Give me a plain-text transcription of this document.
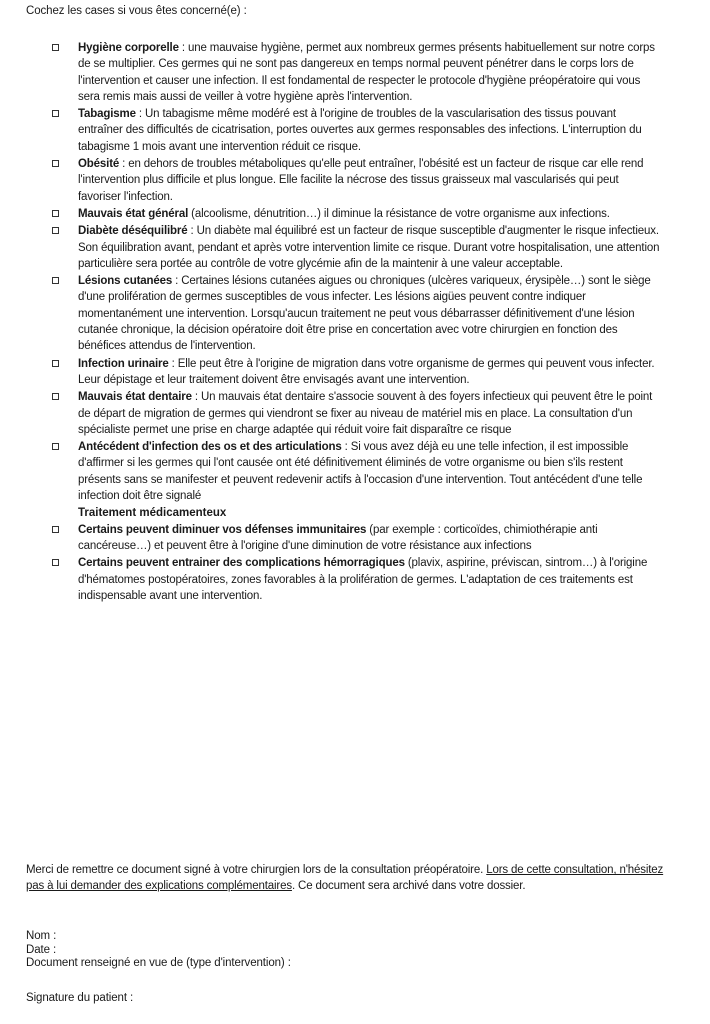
Cochez les cases si vous êtes concerné(e) :
Hygiène corporelle : une mauvaise hygiène, permet aux nombreux germes présents habituellement sur notre corps de se multiplier. Ces germes qui ne sont pas dangereux en temps normal peuvent pénétrer dans le corps lors de l'intervention et causer une infection. Il est fondamental de respecter le protocole d'hygiène préopératoire qui vous sera remis mais aussi de veiller à votre hygiène après l'intervention.
Tabagisme : Un tabagisme même modéré est à l'origine de troubles de la vascularisation des tissus pouvant entraîner des difficultés de cicatrisation, portes ouvertes aux germes responsables des infections. L'interruption du tabagisme 1 mois avant une intervention réduit ce risque.
Obésité : en dehors de troubles métaboliques qu'elle peut entraîner, l'obésité est un facteur de risque car elle rend l'intervention plus difficile et plus longue. Elle facilite la nécrose des tissus graisseux mal vascularisés qui peut favoriser l'infection.
Mauvais état général (alcoolisme, dénutrition…) il diminue la résistance de votre organisme aux infections.
Diabète déséquilibré : Un diabète mal équilibré est un facteur de risque susceptible d'augmenter le risque infectieux. Son équilibration avant, pendant et après votre intervention limite ce risque. Durant votre hospitalisation, une attention particulière sera portée au contrôle de votre glycémie afin de la maintenir à une valeur acceptable.
Lésions cutanées : Certaines lésions cutanées aigues ou chroniques (ulcères variqueux, érysipèle…) sont le siège d'une prolifération de germes susceptibles de vous infecter. Les lésions aigües peuvent contre indiquer momentanément une intervention. Lorsqu'aucun traitement ne peut vous débarrasser définitivement d'une lésion cutanée chronique, la décision opératoire doit être prise en concertation avec votre chirurgien en fonction des bénéfices attendus de l'intervention.
Infection urinaire : Elle peut être à l'origine de migration dans votre organisme de germes qui peuvent vous infecter. Leur dépistage et leur traitement doivent être envisagés avant une intervention.
Mauvais état dentaire : Un mauvais état dentaire s'associe souvent à des foyers infectieux qui peuvent être le point de départ de migration de germes qui viendront se fixer au niveau de matériel mis en place. La consultation d'un spécialiste permet une prise en charge adaptée qui réduit voire fait disparaître ce risque
Antécédent d'infection des os et des articulations : Si vous avez déjà eu une telle infection, il est impossible d'affirmer si les germes qui l'ont causée ont été définitivement éliminés de votre organisme ou bien s'ils restent présents sans se manifester et peuvent redevenir actifs à l'occasion d'une intervention. Tout antécédent d'une telle infection doit être signalé
Traitement médicamenteux
Certains peuvent diminuer vos défenses immunitaires (par exemple : corticoïdes, chimiothérapie anti cancéreuse…) et peuvent être à l'origine d'une diminution de votre résistance aux infections
Certains peuvent entrainer des complications hémorragiques (plavix, aspirine, préviscan, sintrom…) à l'origine d'hématomes postopératoires, zones favorables à la prolifération de germes. L'adaptation de ces traitements est indispensable avant une intervention.
Merci de remettre ce document signé à votre chirurgien lors de la consultation préopératoire. Lors de cette consultation, n'hésitez pas à lui demander des explications complémentaires. Ce document sera archivé dans votre dossier.
Nom :
Date :
Document renseigné en vue de (type d'intervention) :
Signature du patient :
